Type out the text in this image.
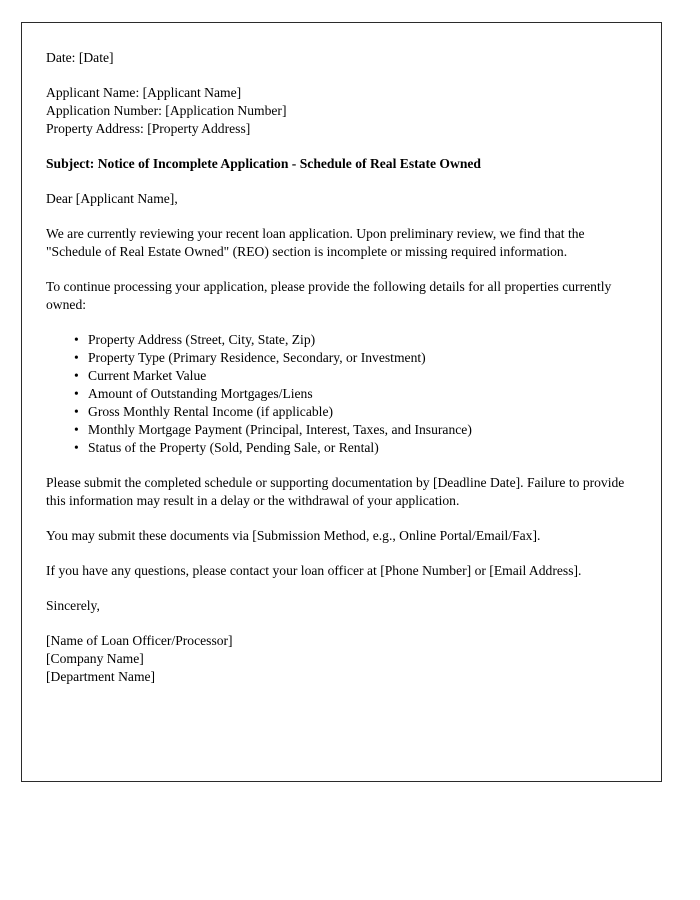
Date: [Date]
Applicant Name: [Applicant Name]
Application Number: [Application Number]
Property Address: [Property Address]
Subject: Notice of Incomplete Application - Schedule of Real Estate Owned
Dear [Applicant Name],
We are currently reviewing your recent loan application. Upon preliminary review, we find that the "Schedule of Real Estate Owned" (REO) section is incomplete or missing required information.
To continue processing your application, please provide the following details for all properties currently owned:
• Property Address (Street, City, State, Zip)
• Property Type (Primary Residence, Secondary, or Investment)
• Current Market Value
• Amount of Outstanding Mortgages/Liens
• Gross Monthly Rental Income (if applicable)
• Monthly Mortgage Payment (Principal, Interest, Taxes, and Insurance)
• Status of the Property (Sold, Pending Sale, or Rental)
Please submit the completed schedule or supporting documentation by [Deadline Date]. Failure to provide this information may result in a delay or the withdrawal of your application.
You may submit these documents via [Submission Method, e.g., Online Portal/Email/Fax].
If you have any questions, please contact your loan officer at [Phone Number] or [Email Address].
Sincerely,
[Name of Loan Officer/Processor]
[Company Name]
[Department Name]
